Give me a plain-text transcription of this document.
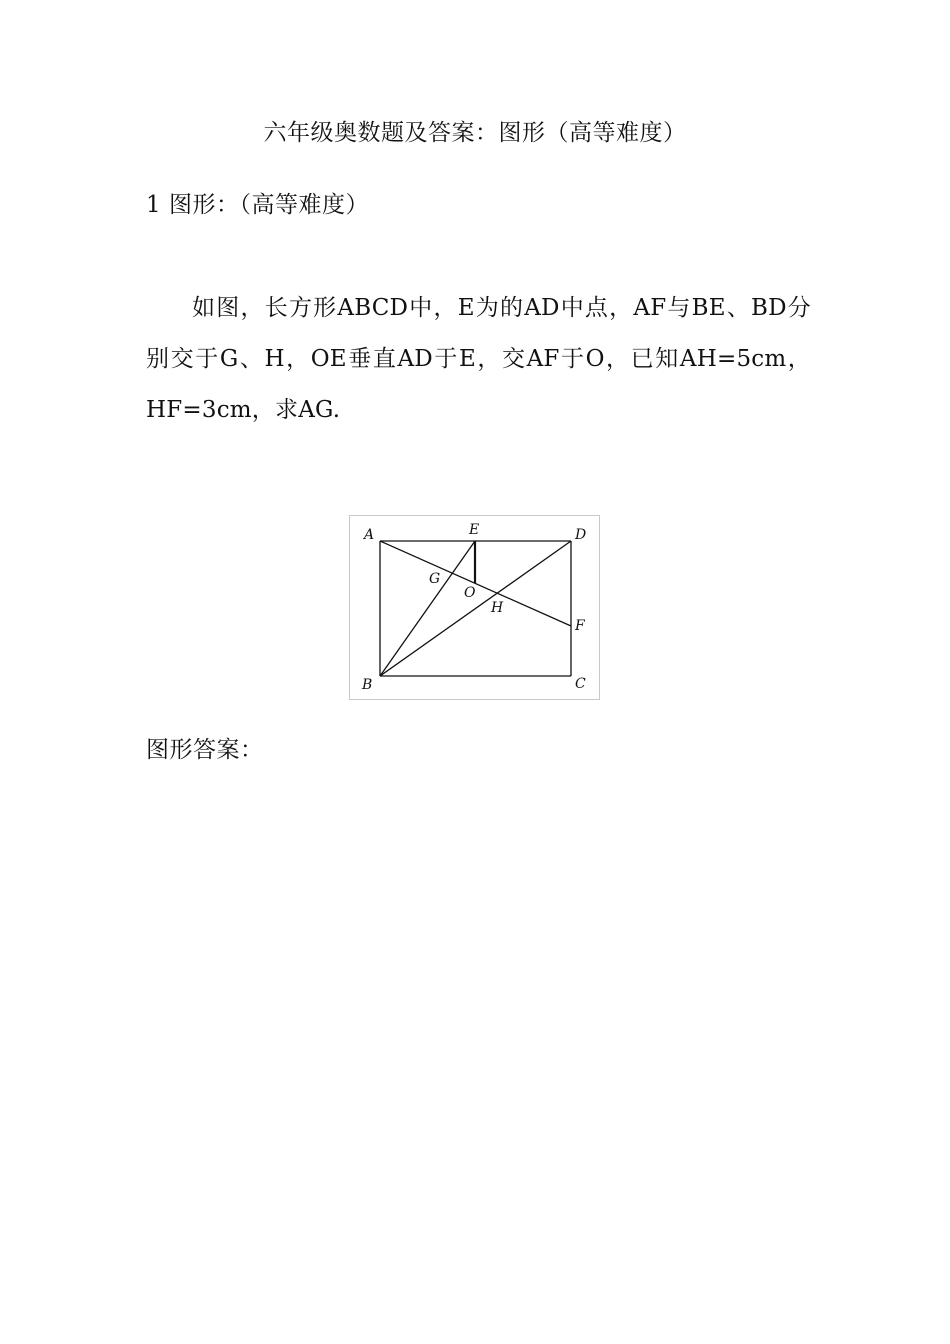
六年级奥数题及答案：图形（高等难度）
1 图形：（高等难度）

如图，长方形ABCD中，E为的AD中点，AF与BE、BD分别交于G、H，OE垂直AD于E，交AF于O，已知AH=5cm，HF=3cm，求AG.

A	E	D
G
O
H
F
B	C
图形答案：
